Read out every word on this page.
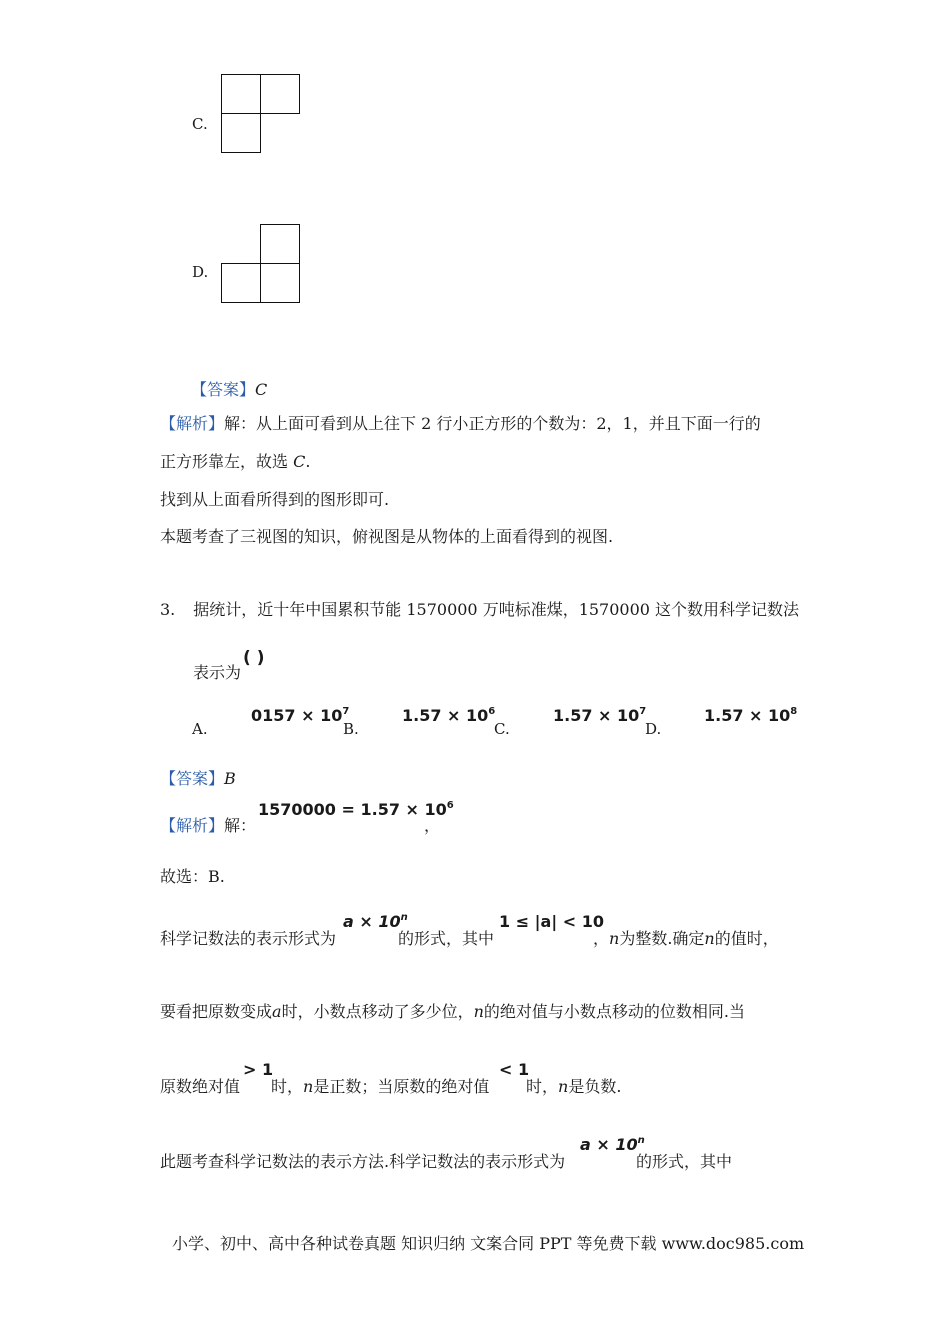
C.
D.
【答案】C
【解析】解：从上面可看到从上往下 2 行小正方形的个数为：2，1，并且下面一行的
正方形靠左，故选 C.
找到从上面看所得到的图形即可.
本题考查了三视图的知识，俯视图是从物体的上面看得到的视图.
3. 据统计，近十年中国累积节能 1570000 万吨标准煤，1570000 这个数用科学记数法
表示为
( )
A.
$0157 \times 10^7$
B.
$1.57 \times 10^6$
C.
$1.57 \times 10^7$
D.
$1.57 \times 10^8$
【答案】B
【解析】解：
$1570000 = 1.57 \times 10^6$
，
故选：B.
科学记数法的表示形式为
$a \times 10^n$
的形式，其中
1 ≤ |a| < 10
，n为整数.确定n的值时，
要看把原数变成a时，小数点移动了多少位，n的绝对值与小数点移动的位数相同.当
原数绝对值
> 1
时，n是正数；当原数的绝对值
< 1
时，n是负数.
此题考查科学记数法的表示方法.科学记数法的表示形式为
$a \times 10^n$
的形式，其中
小学、初中、高中各种试卷真题 知识归纳 文案合同 PPT 等免费下载 www.doc985.com
